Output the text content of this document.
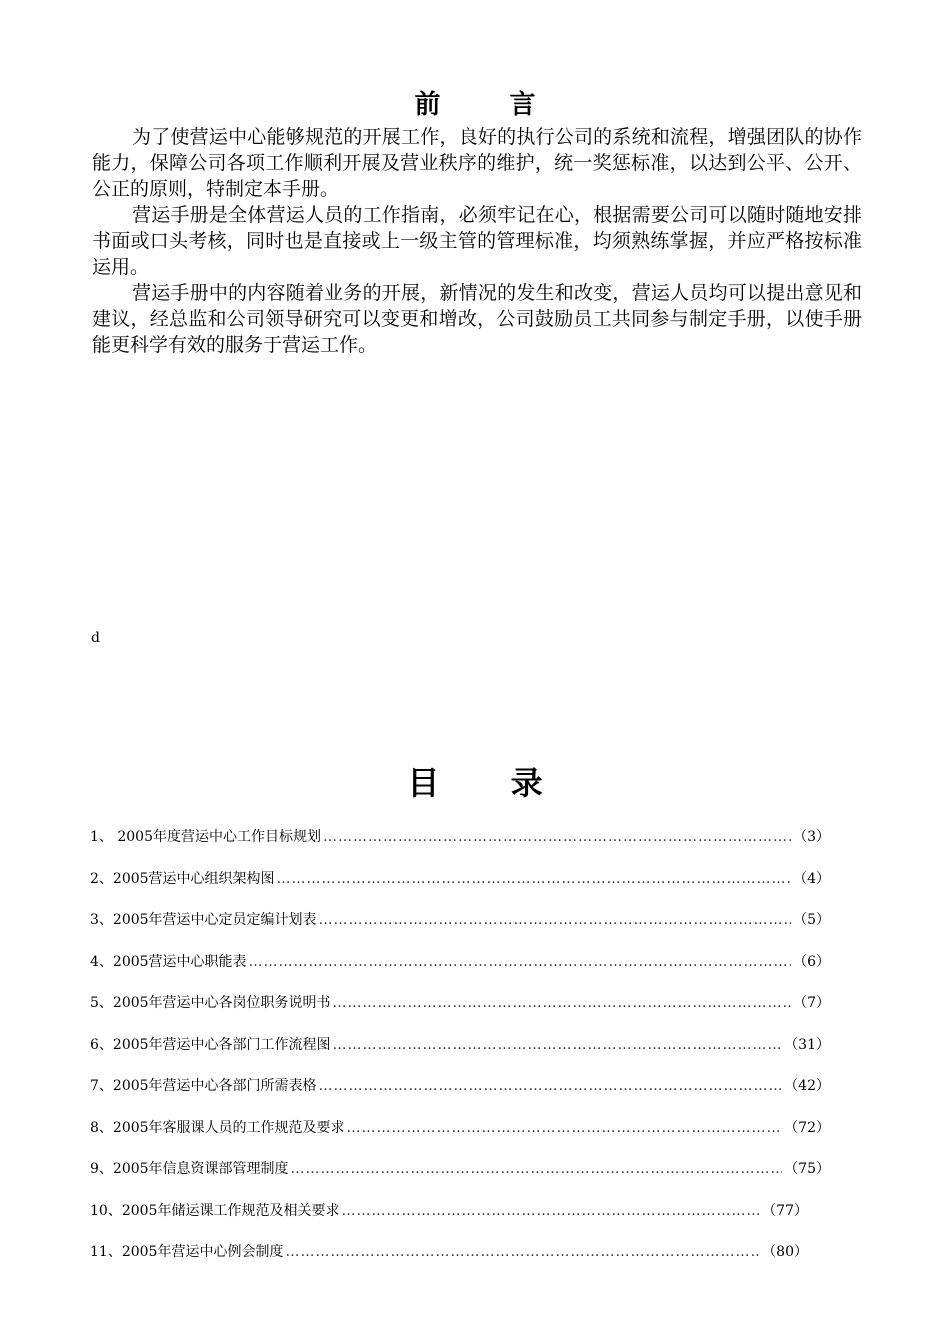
前 言

为了使营运中心能够规范的开展工作，良好的执行公司的系统和流程，增强团队的协作能力，保障公司各项工作顺利开展及营业秩序的维护，统一奖惩标准，以达到公平、公开、公正的原则，特制定本手册。

营运手册是全体营运人员的工作指南，必须牢记在心，根据需要公司可以随时随地安排书面或口头考核，同时也是直接或上一级主管的管理标准，均须熟练掌握，并应严格按标准运用。

营运手册中的内容随着业务的开展，新情况的发生和改变，营运人员均可以提出意见和建议，经总监和公司领导研究可以变更和增改，公司鼓励员工共同参与制定手册，以使手册能更科学有效的服务于营运工作。

d
目 录
1、 2005年度营运中心工作目标规划 …………………………………………………………………………………………………………………………………………………………………………	（3）
2、2005营运中心组织架构图 …………………………………………………………………………………………………………………………………………………………………………	（4）
3、2005年营运中心定员定编计划表 …………………………………………………………………………………………………………………………………………………………………………	（5）
4、2005营运中心职能表 …………………………………………………………………………………………………………………………………………………………………………	（6）
5、2005年营运中心各岗位职务说明书 …………………………………………………………………………………………………………………………………………………………………………	（7）
6、2005年营运中心各部门工作流程图 …………………………………………………………………………………………………………………………………………………………………………	（31）
7、2005年营运中心各部门所需表格 …………………………………………………………………………………………………………………………………………………………………………	（42）
8、2005年客服课人员的工作规范及要求 …………………………………………………………………………………………………………………………………………………………………………	（72）
9、2005年信息资课部管理制度 …………………………………………………………………………………………………………………………………………………………………………	（75）
10、2005年储运课工作规范及相关要求 …………………………………………………………………………………………………………………………………………………………………………	（77）
11、2005年营运中心例会制度 …………………………………………………………………………………………………………………………………………………………………………	（80）
